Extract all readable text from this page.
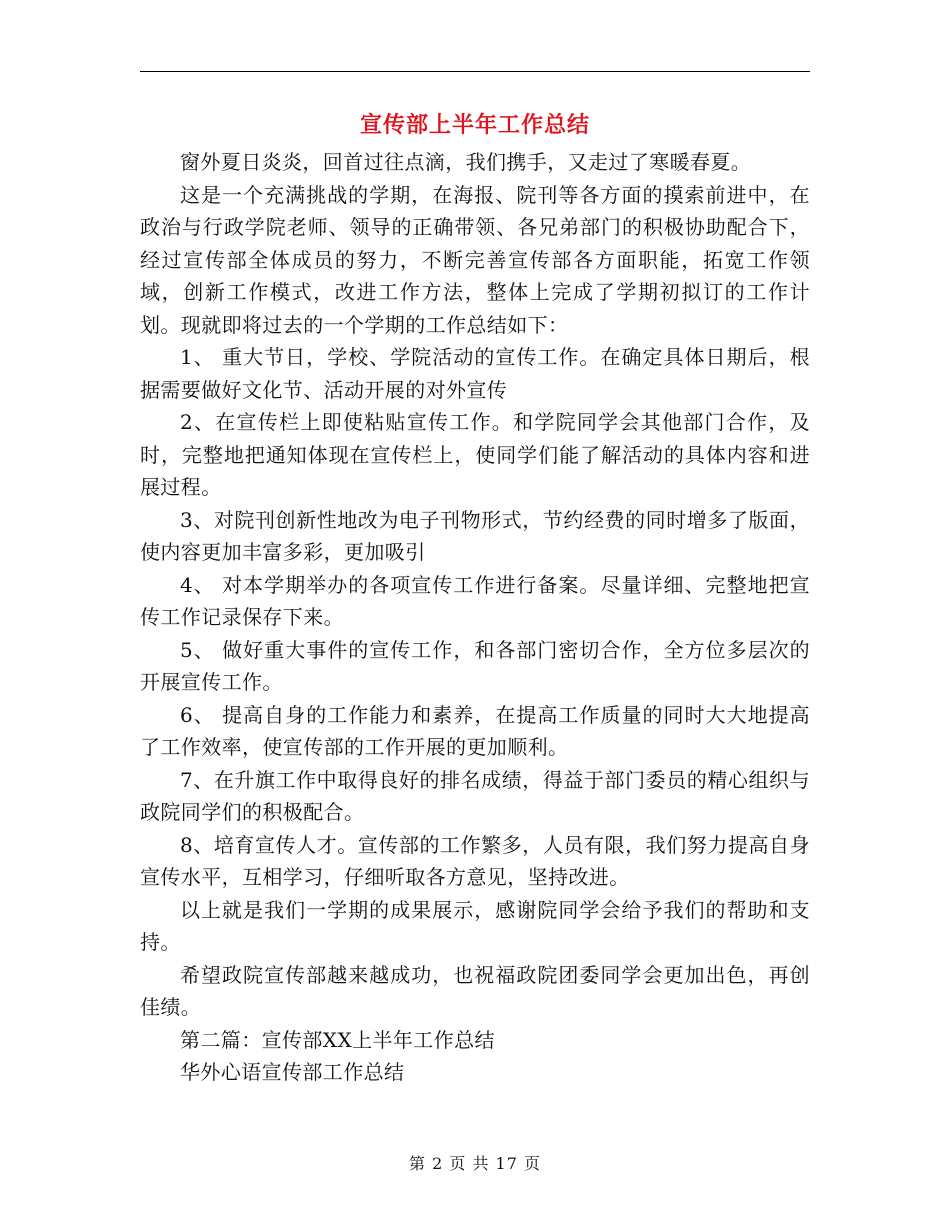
宣传部上半年工作总结

窗外夏日炎炎，回首过往点滴，我们携手，又走过了寒暖春夏。

这是一个充满挑战的学期，在海报、院刊等各方面的摸索前进中，在政治与行政学院老师、领导的正确带领、各兄弟部门的积极协助配合下，经过宣传部全体成员的努力，不断完善宣传部各方面职能，拓宽工作领域，创新工作模式，改进工作方法，整体上完成了学期初拟订的工作计划。现就即将过去的一个学期的工作总结如下：

1、 重大节日，学校、学院活动的宣传工作。在确定具体日期后，根据需要做好文化节、活动开展的对外宣传

2、在宣传栏上即使粘贴宣传工作。和学院同学会其他部门合作，及时，完整地把通知体现在宣传栏上，使同学们能了解活动的具体内容和进展过程。

3、对院刊创新性地改为电子刊物形式，节约经费的同时增多了版面，使内容更加丰富多彩，更加吸引

4、 对本学期举办的各项宣传工作进行备案。尽量详细、完整地把宣传工作记录保存下来。

5、 做好重大事件的宣传工作，和各部门密切合作，全方位多层次的开展宣传工作。

6、 提高自身的工作能力和素养，在提高工作质量的同时大大地提高了工作效率，使宣传部的工作开展的更加顺利。

7、在升旗工作中取得良好的排名成绩，得益于部门委员的精心组织与政院同学们的积极配合。

8、培育宣传人才。宣传部的工作繁多，人员有限，我们努力提高自身宣传水平，互相学习，仔细听取各方意见，坚持改进。

以上就是我们一学期的成果展示，感谢院同学会给予我们的帮助和支持。

希望政院宣传部越来越成功，也祝福政院团委同学会更加出色，再创佳绩。

第二篇：宣传部XX上半年工作总结

华外心语宣传部工作总结

第 2 页 共 17 页
